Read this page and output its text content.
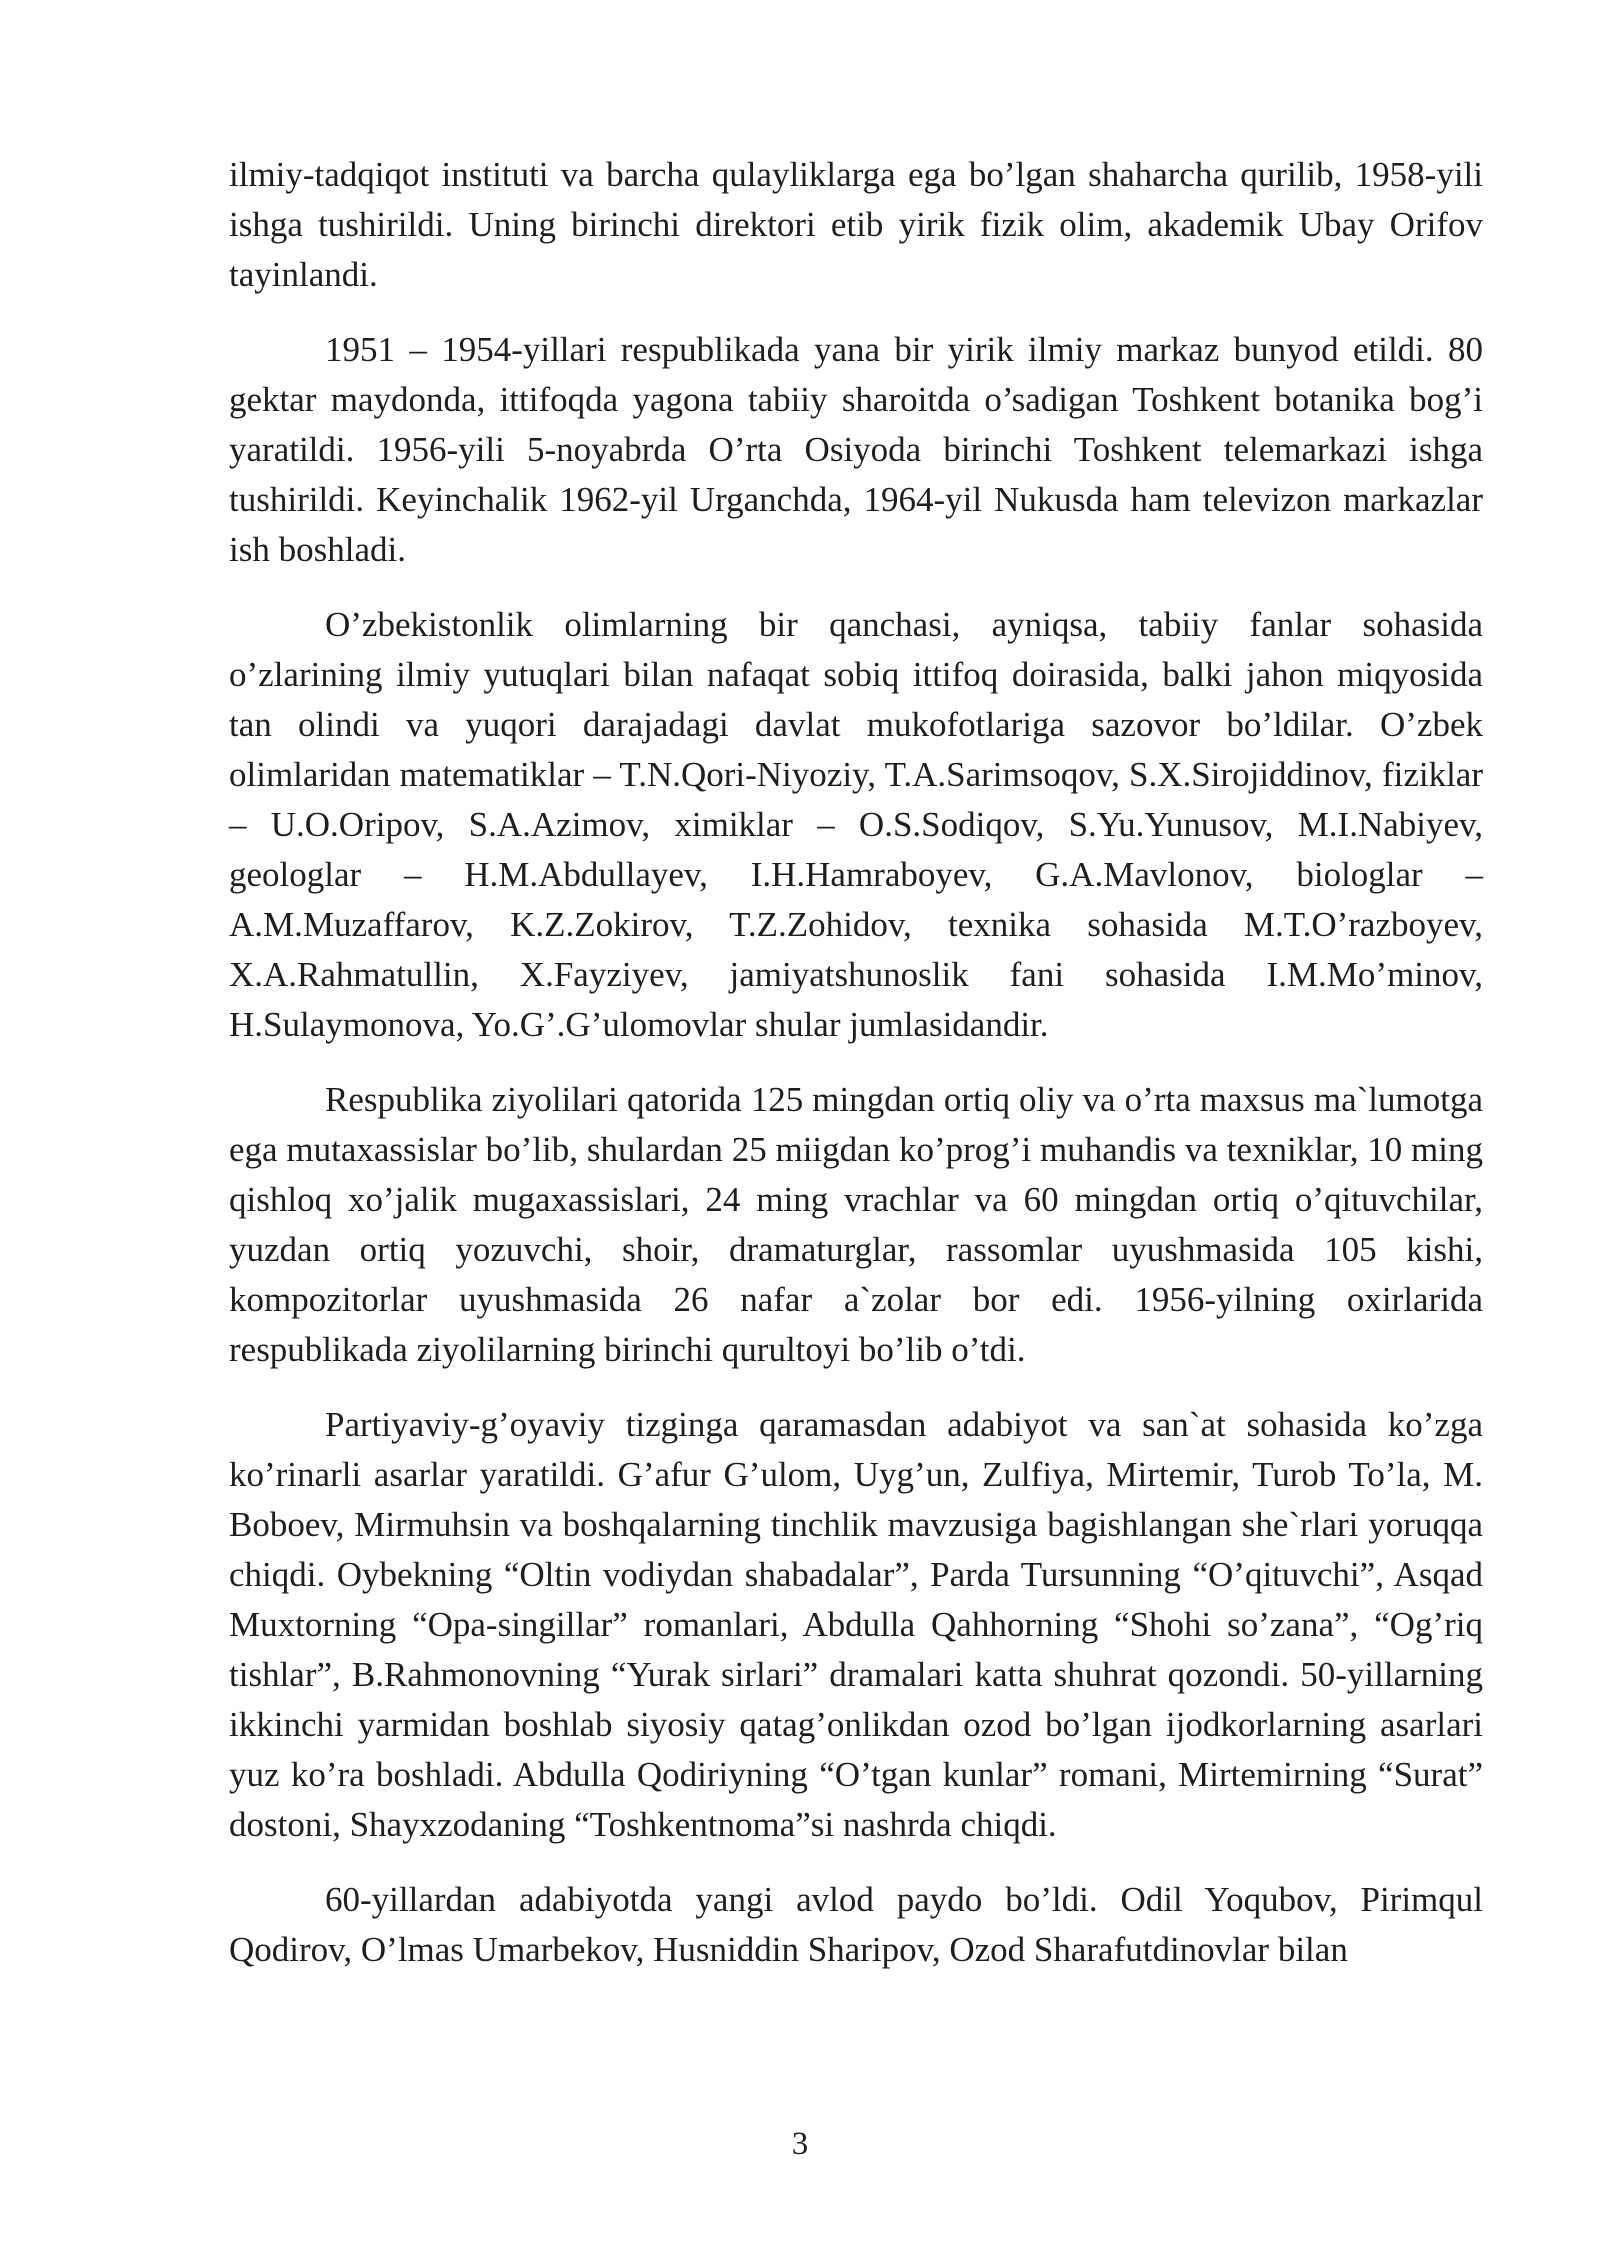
ilmiy-tadqiqot instituti va barcha qulayliklarga ega bo’lgan shaharcha qurilib, 1958-yili ishga tushirildi. Uning birinchi direktori etib yirik fizik olim, akademik Ubay Orifov tayinlandi.

1951 – 1954-yillari respublikada yana bir yirik ilmiy markaz bunyod etildi. 80 gektar maydonda, ittifoqda yagona tabiiy sharoitda o’sadigan Toshkent botanika bog’i yaratildi. 1956-yili 5-noyabrda O’rta Osiyoda birinchi Toshkent telemarkazi ishga tushirildi. Keyinchalik 1962-yil Urganchda, 1964-yil Nukusda ham televizon markazlar ish boshladi.

O’zbekistonlik olimlarning bir qanchasi, ayniqsa, tabiiy fanlar sohasida o’zlarining ilmiy yutuqlari bilan nafaqat sobiq ittifoq doirasida, balki jahon miqyosida tan olindi va yuqori darajadagi davlat mukofotlariga sazovor bo’ldilar. O’zbek olimlaridan matematiklar – T.N.Qori-Niyoziy, T.A.Sarimsoqov, S.X.Sirojiddinov, fiziklar – U.O.Oripov, S.A.Azimov, ximiklar – O.S.Sodiqov, S.Yu.Yunusov, M.I.Nabiyev, geologlar – H.M.Abdullayev, I.H.Hamraboyev, G.A.Mavlonov, biologlar – A.M.Muzaffarov, K.Z.Zokirov, T.Z.Zohidov, texnika sohasida M.T.O’razboyev, X.A.Rahmatullin, X.Fayziyev, jamiyatshunoslik fani sohasida I.M.Mo’minov, H.Sulaymonova, Yo.G’.G’ulomovlar shular jumlasidandir.

Respublika ziyolilari qatorida 125 mingdan ortiq oliy va o’rta maxsus ma`lumotga ega mutaxassislar bo’lib, shulardan 25 miigdan ko’prog’i muhandis va texniklar, 10 ming qishloq xo’jalik mugaxassislari, 24 ming vrachlar va 60 mingdan ortiq o’qituvchilar, yuzdan ortiq yozuvchi, shoir, dramaturglar, rassomlar uyushmasida 105 kishi, kompozitorlar uyushmasida 26 nafar a`zolar bor edi. 1956-yilning oxirlarida respublikada ziyolilarning birinchi qurultoyi bo’lib o’tdi.

Partiyaviy-g’oyaviy tizginga qaramasdan adabiyot va san`at sohasida ko’zga ko’rinarli asarlar yaratildi. G’afur G’ulom, Uyg’un, Zulfiya, Mirtemir, Turob To’la, M. Boboev, Mirmuhsin va boshqalarning tinchlik mavzusiga bagishlangan she`rlari yoruqqa chiqdi. Oybekning “Oltin vodiydan shabadalar”, Parda Tursunning “O’qituvchi”, Asqad Muxtorning “Opa-singillar” romanlari, Abdulla Qahhorning “Shohi so’zana”, “Og’riq tishlar”, B.Rahmonovning “Yurak sirlari” dramalari katta shuhrat qozondi. 50-yillarning ikkinchi yarmidan boshlab siyosiy qatag’onlikdan ozod bo’lgan ijodkorlarning asarlari yuz ko’ra boshladi. Abdulla Qodiriyning “O’tgan kunlar” romani, Mirtemirning “Surat” dostoni, Shayxzodaning “Toshkentnoma”si nashrda chiqdi.

60-yillardan adabiyotda yangi avlod paydo bo’ldi. Odil Yoqubov, Pirimqul Qodirov, O’lmas Umarbekov, Husniddin Sharipov, Ozod Sharafutdinovlar bilan

3
